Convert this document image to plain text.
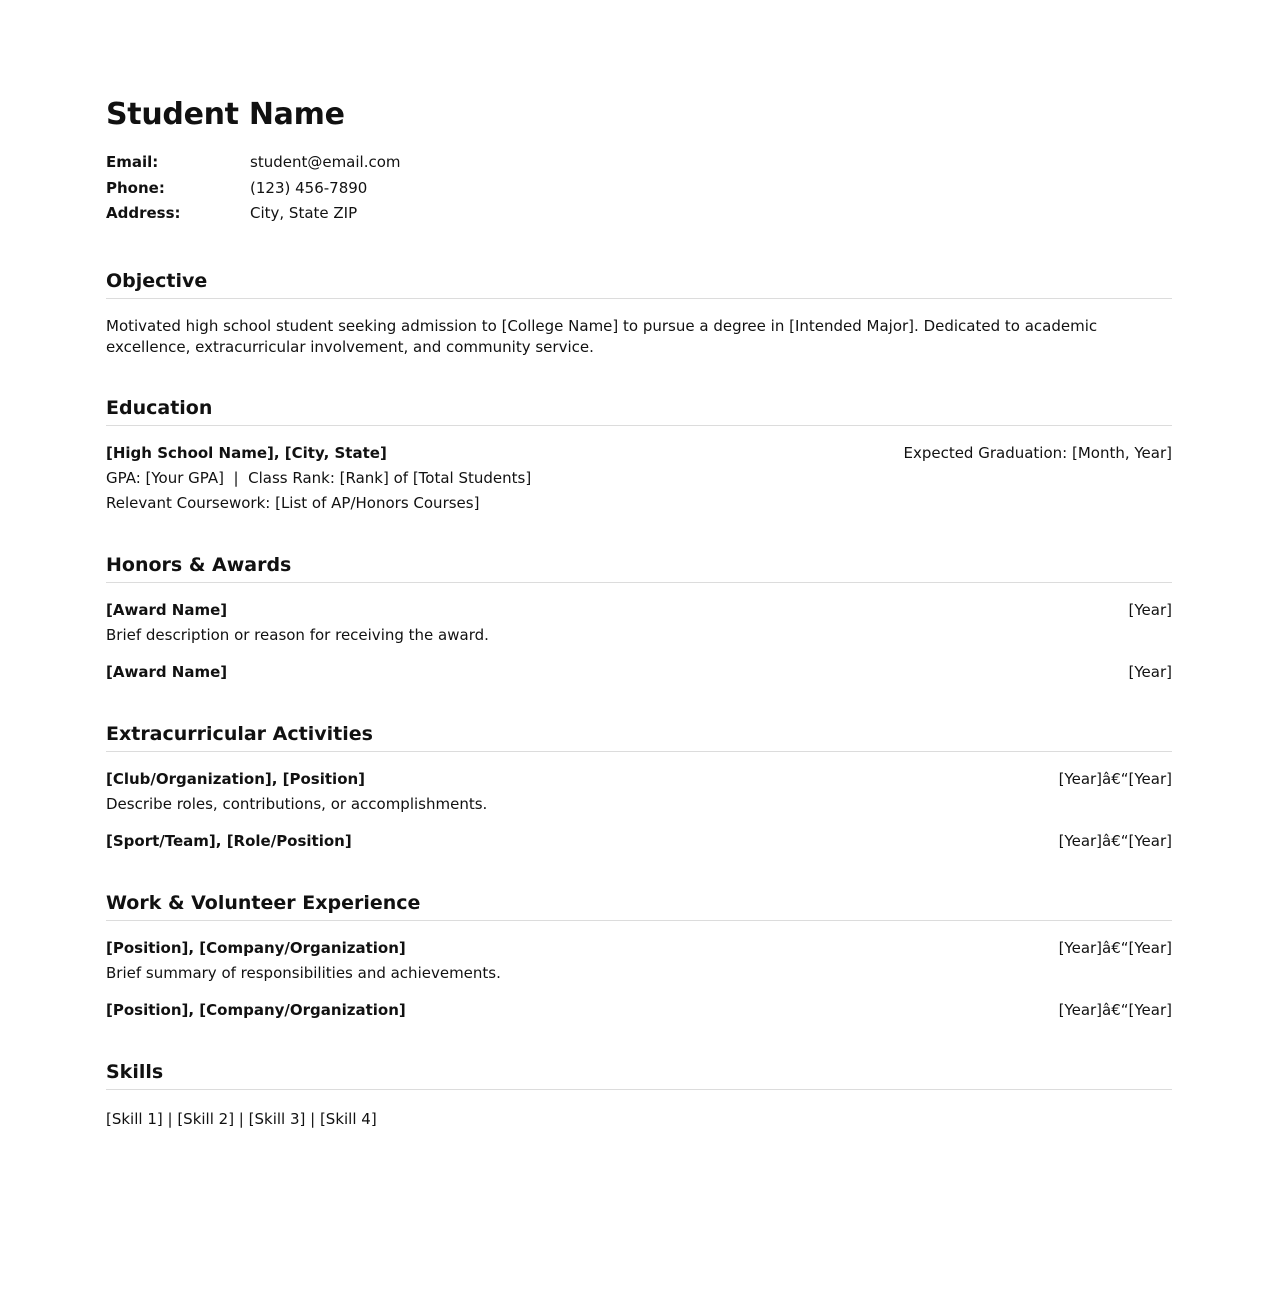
Student Name
Email:	student@email.com
Phone:	(123) 456-7890
Address:	City, State ZIP
Objective

Motivated high school student seeking admission to [College Name] to pursue a degree in [Intended Major]. Dedicated to academic excellence, extracurricular involvement, and community service.

Education
[High School Name], [City, State]	Expected Graduation: [Month, Year]
GPA: [Your GPA]  |  Class Rank: [Rank] of [Total Students]
Relevant Coursework: [List of AP/Honors Courses]
Honors & Awards
[Award Name]	[Year]
Brief description or reason for receiving the award.
[Award Name]	[Year]
Extracurricular Activities
[Club/Organization], [Position]	[Year]â€“[Year]
Describe roles, contributions, or accomplishments.
[Sport/Team], [Role/Position]	[Year]â€“[Year]
Work & Volunteer Experience
[Position], [Company/Organization]	[Year]â€“[Year]
Brief summary of responsibilities and achievements.
[Position], [Company/Organization]	[Year]â€“[Year]
Skills
[Skill 1] | [Skill 2] | [Skill 3] | [Skill 4]
